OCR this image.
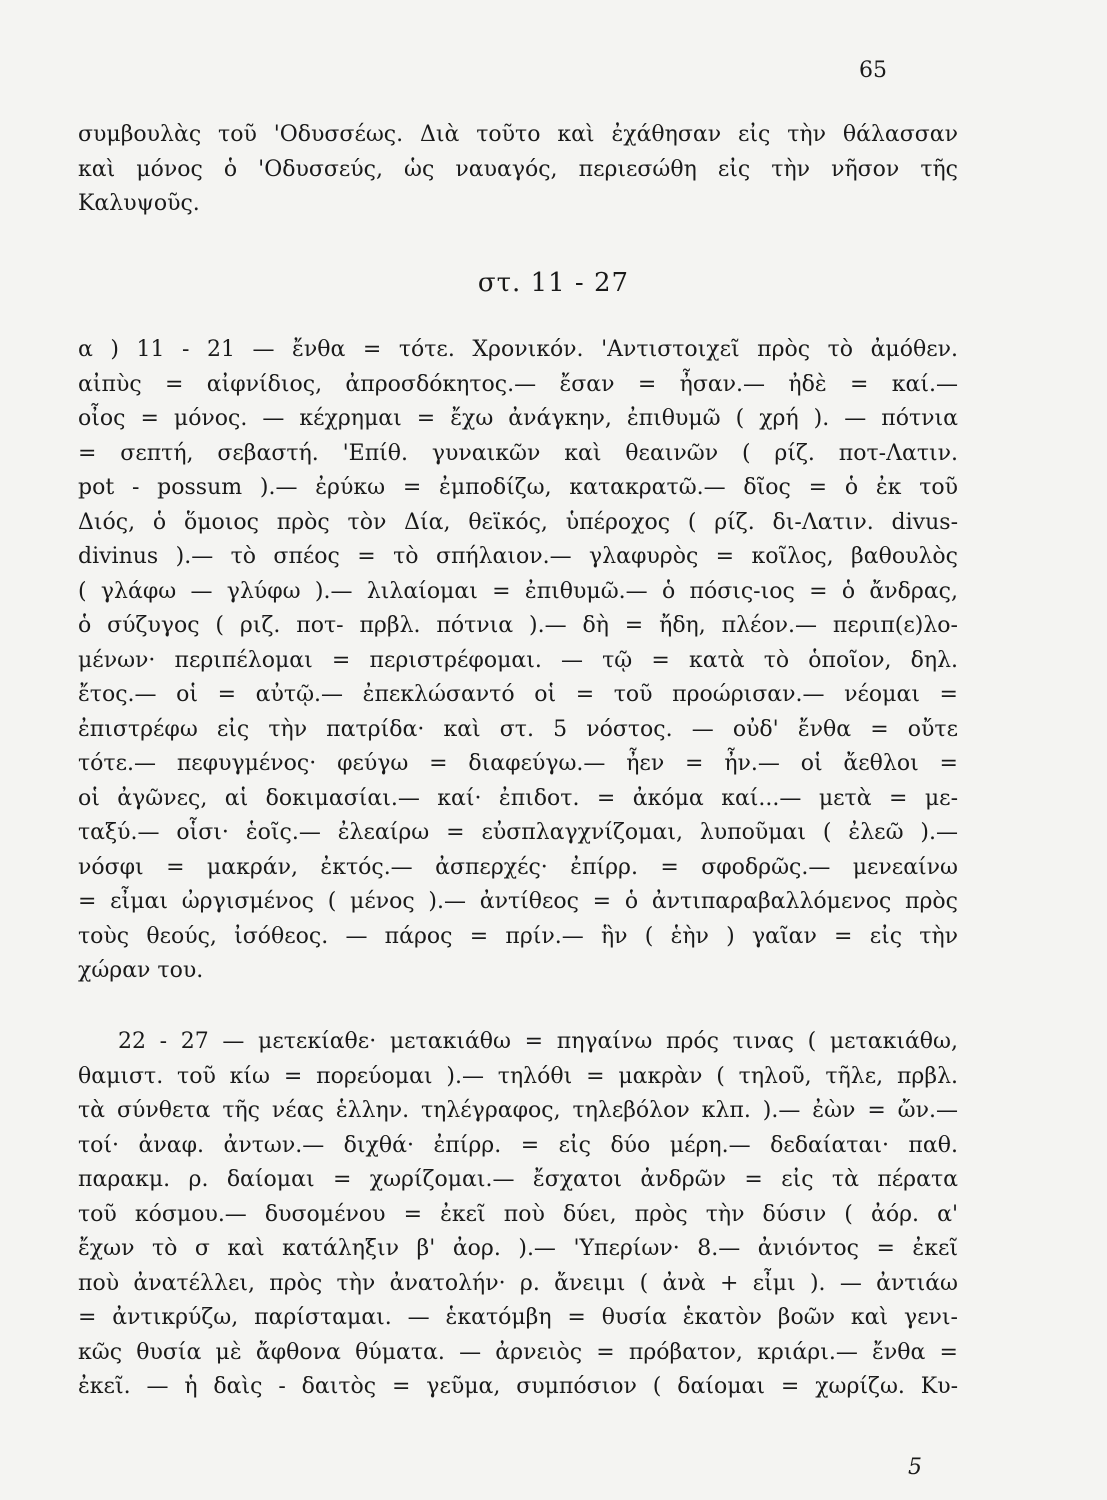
65
συμβουλὰς τοῦ 'Οδυσσέως. Διὰ τοῦτο καὶ ἐχάθησαν εἰς τὴν θάλασσαν
καὶ μόνος ὁ 'Οδυσσεύς, ὡς ναυαγός, περιεσώθη εἰς τὴν νῆσον τῆς
Καλυψοῦς.
στ. 11 - 27
α ) 11 - 21 — ἔνθα = τότε. Χρονικόν. 'Αντιστοιχεῖ πρὸς τὸ ἀμόθεν.
αἰπὺς = αἰφνίδιος, ἀπροσδόκητος.— ἔσαν = ἦσαν.— ἠδὲ = καί.—
οἶος = μόνος. — κέχρημαι = ἔχω ἀνάγκην, ἐπιθυμῶ ( χρή ). — πότνια
= σεπτή, σεβαστή. 'Επίθ. γυναικῶν καὶ θεαινῶν ( ρίζ. ποτ-Λατιν.
pot - possum ).— ἐρύκω = ἐμποδίζω, κατακρατῶ.— δῖος = ὁ ἐκ τοῦ
Διός, ὁ ὅμοιος πρὸς τὸν Δία, θεϊκός, ὑπέροχος ( ρίζ. δι-Λατιν. divus-
divinus ).— τὸ σπέος = τὸ σπήλαιον.— γλαφυρὸς = κοῖλος, βαθουλὸς
( γλάφω — γλύφω ).— λιλαίομαι = ἐπιθυμῶ.— ὁ πόσις-ιος = ὁ ἄνδρας,
ὁ σύζυγος ( ριζ. ποτ- πρβλ. πότνια ).— δὴ = ἤδη, πλέον.— περιπ(ε)λο-
μένων· περιπέλομαι = περιστρέφομαι. — τῷ = κατὰ τὸ ὁποῖον, δηλ.
ἔτος.— οἱ = αὐτῷ.— ἐπεκλώσαντό οἱ = τοῦ προώρισαν.— νέομαι =
ἐπιστρέφω εἰς τὴν πατρίδα· καὶ στ. 5 νόστος. — οὐδ' ἔνθα = οὔτε
τότε.— πεφυγμένος· φεύγω = διαφεύγω.— ἦεν = ἦν.— οἱ ἄεθλοι =
οἱ ἀγῶνες, αἱ δοκιμασίαι.— καί· ἐπιδοτ. = ἀκόμα καί...— μετὰ = με-
ταξύ.— οἷσι· ἑοῖς.— ἐλεαίρω = εὐσπλαγχνίζομαι, λυποῦμαι ( ἐλεῶ ).—
νόσφι = μακράν, ἐκτός.— ἀσπερχές· ἐπίρρ. = σφοδρῶς.— μενεαίνω
= εἶμαι ὠργισμένος ( μένος ).— ἀντίθεος = ὁ ἀντιπαραβαλλόμενος πρὸς
τοὺς θεούς, ἰσόθεος. — πάρος = πρίν.— ἣν ( ἑὴν ) γαῖαν = εἰς τὴν
χώραν του.
22 - 27 — μετεκίαθε· μετακιάθω = πηγαίνω πρός τινας ( μετακιάθω,
θαμιστ. τοῦ κίω = πορεύομαι ).— τηλόθι = μακρὰν ( τηλοῦ, τῆλε, πρβλ.
τὰ σύνθετα τῆς νέας ἑλλην. τηλέγραφος, τηλεβόλον κλπ. ).— ἐὼν = ὤν.—
τοί· ἀναφ. ἀντων.— διχθά· ἐπίρρ. = εἰς δύο μέρη.— δεδαίαται· παθ.
παρακμ. ρ. δαίομαι = χωρίζομαι.— ἔσχατοι ἀνδρῶν = εἰς τὰ πέρατα
τοῦ κόσμου.— δυσομένου = ἐκεῖ ποὺ δύει, πρὸς τὴν δύσιν ( ἀόρ. α'
ἔχων τὸ σ καὶ κατάληξιν β' ἀορ. ).— 'Υπερίων· 8.— ἀνιόντος = ἐκεῖ
ποὺ ἀνατέλλει, πρὸς τὴν ἀνατολήν· ρ. ἄνειμι ( ἀνὰ + εἶμι ). — ἀντιάω
= ἀντικρύζω, παρίσταμαι. — ἑκατόμβη = θυσία ἑκατὸν βοῶν καὶ γενι-
κῶς θυσία μὲ ἄφθονα θύματα. — ἀρνειὸς = πρόβατον, κριάρι.— ἔνθα =
ἐκεῖ. — ἡ δαὶς - δαιτὸς = γεῦμα, συμπόσιον ( δαίομαι = χωρίζω. Κυ-
5
